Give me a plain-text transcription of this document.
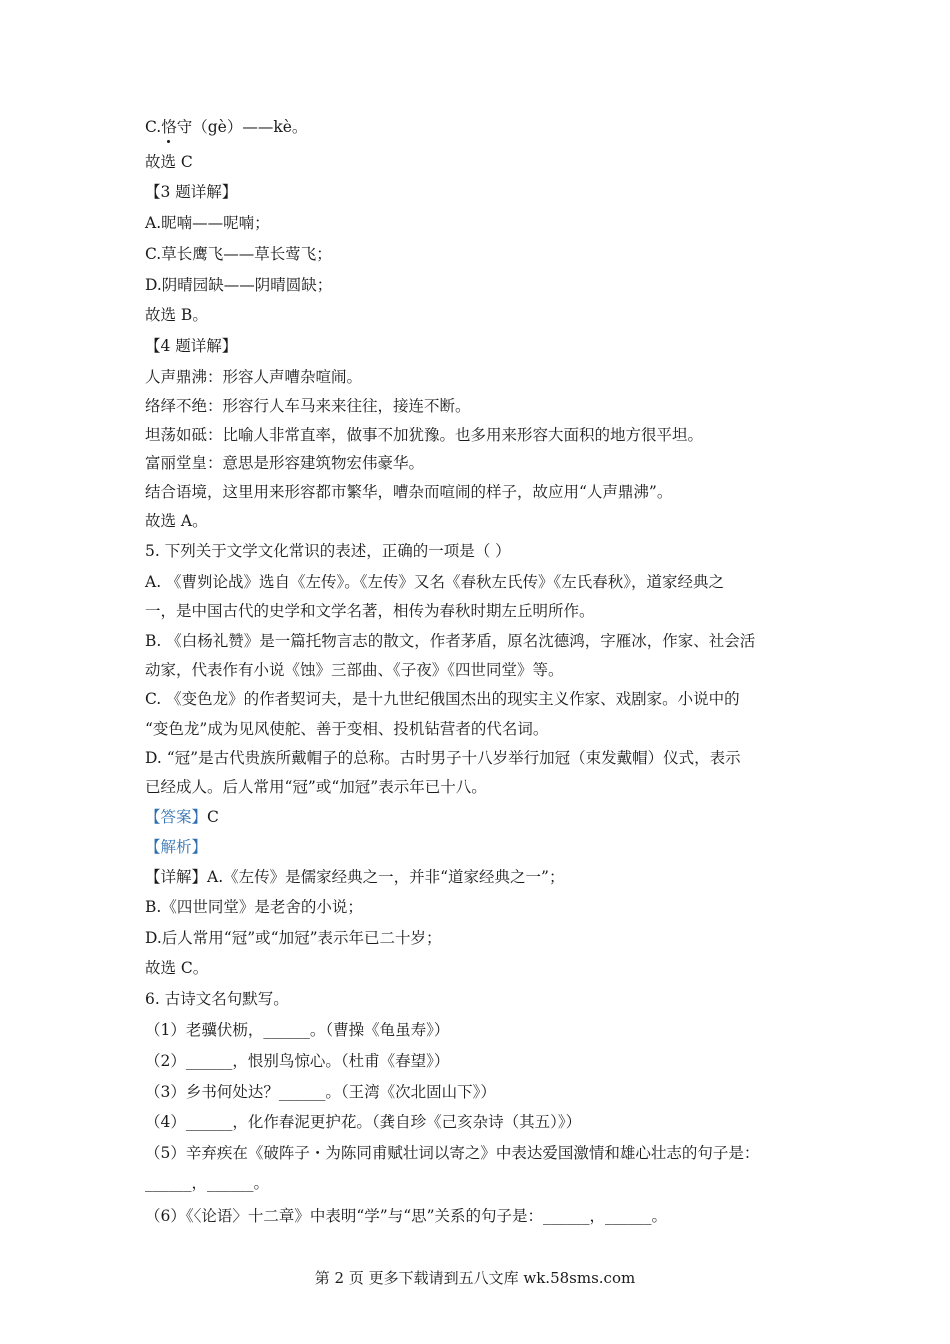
C.恪守（gè）——kè。
故选 C
【3 题详解】
A.昵喃——呢喃；
C.草长鹰飞——草长莺飞；
D.阴晴园缺——阴晴圆缺；
故选 B。
【4 题详解】
人声鼎沸：形容人声嘈杂喧闹。
络绎不绝：形容行人车马来来往往，接连不断。
坦荡如砥：比喻人非常直率，做事不加犹豫。也多用来形容大面积的地方很平坦。
富丽堂皇：意思是形容建筑物宏伟豪华。
结合语境，这里用来形容都市繁华，嘈杂而喧闹的样子，故应用“人声鼎沸”。
故选 A。
5. 下列关于文学文化常识的表述，正确的一项是（ ）
A. 《曹刿论战》选自《左传》。《左传》又名《春秋左氏传》《左氏春秋》，道家经典之
一，是中国古代的史学和文学名著，相传为春秋时期左丘明所作。
B. 《白杨礼赞》是一篇托物言志的散文，作者茅盾，原名沈德鸿，字雁冰，作家、社会活
动家，代表作有小说《蚀》三部曲、《子夜》《四世同堂》等。
C. 《变色龙》的作者契诃夫，是十九世纪俄国杰出的现实主义作家、戏剧家。小说中的
“变色龙”成为见风使舵、善于变相、投机钻营者的代名词。
D. “冠”是古代贵族所戴帽子的总称。古时男子十八岁举行加冠（束发戴帽）仪式，表示
已经成人。后人常用“冠”或“加冠”表示年已十八。
【答案】C
【解析】
【详解】A.《左传》是儒家经典之一，并非“道家经典之一”；
B.《四世同堂》是老舍的小说；
D.后人常用“冠”或“加冠”表示年已二十岁；
故选 C。
6. 古诗文名句默写。
（1）老骥伏枥，______。（曹操《龟虽寿》）
（2）______，恨别鸟惊心。（杜甫《春望》）
（3）乡书何处达？______。（王湾《次北固山下》）
（4）______，化作春泥更护花。（龚自珍《己亥杂诗（其五）》）
（5）辛弃疾在《破阵子・为陈同甫赋壮词以寄之》中表达爱国激情和雄心壮志的句子是：
______，______。
（6）《〈论语〉十二章》中表明“学”与“思”关系的句子是：______，______。
第 2 页 更多下载请到五八文库 wk.58sms.com
